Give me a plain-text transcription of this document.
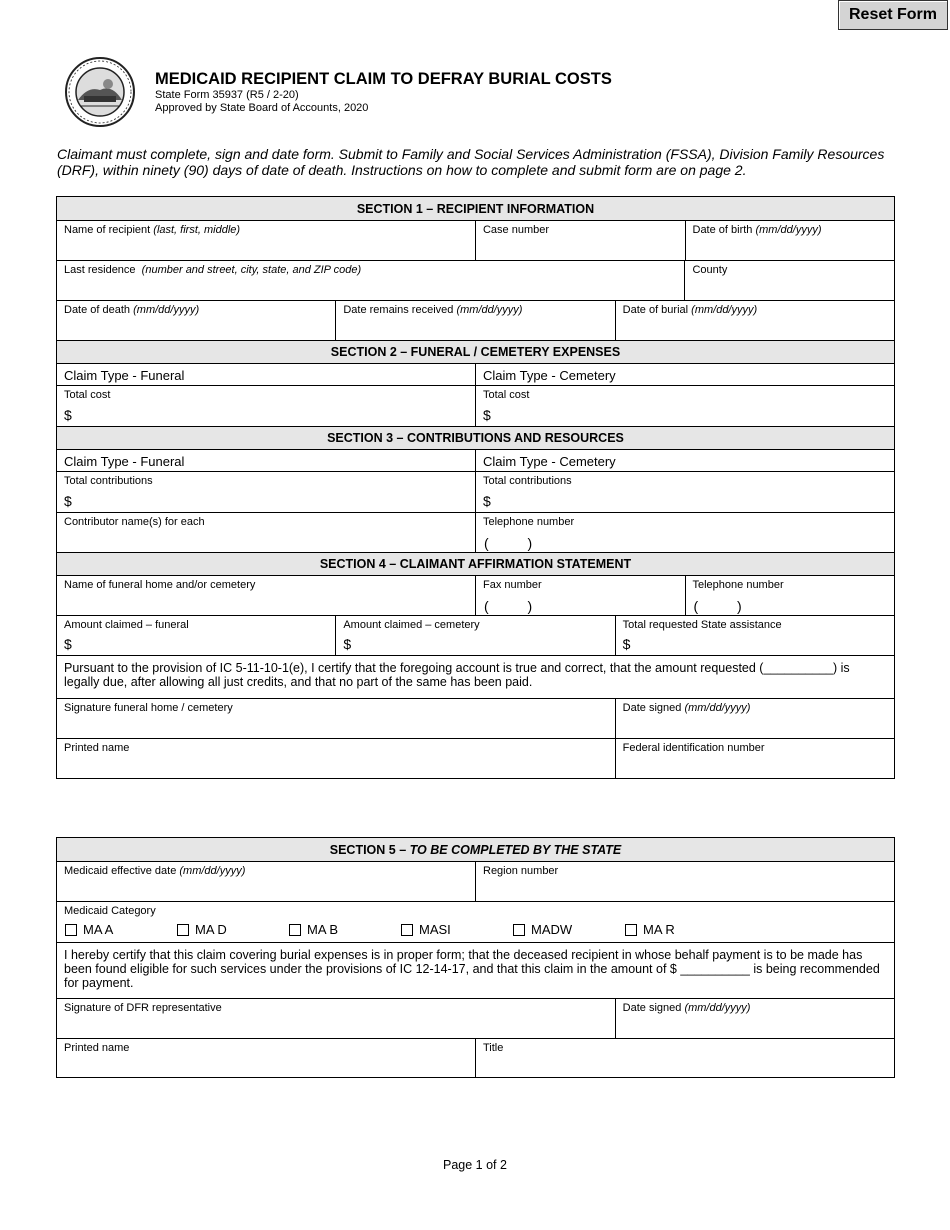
Reset Form
MEDICAID RECIPIENT CLAIM TO DEFRAY BURIAL COSTS
State Form 35937 (R5 / 2-20)
Approved by State Board of Accounts, 2020
Claimant must complete, sign and date form. Submit to Family and Social Services Administration (FSSA), Division Family Resources (DRF), within ninety (90) days of date of death. Instructions on how to complete and submit form are on page 2.
SECTION 1 – RECIPIENT INFORMATION
Name of recipient (last, first, middle)	Case number	Date of birth (mm/dd/yyyy)
Last residence (number and street, city, state, and ZIP code)	County
Date of death (mm/dd/yyyy)	Date remains received (mm/dd/yyyy)	Date of burial (mm/dd/yyyy)
SECTION 2 – FUNERAL / CEMETERY EXPENSES
Claim Type - Funeral	Claim Type - Cemetery
Total cost
$
Total cost
$
SECTION 3 – CONTRIBUTIONS AND RESOURCES
Claim Type - Funeral	Claim Type - Cemetery
Total contributions
$
Total contributions
$
Contributor name(s) for each	Telephone number
(          )
SECTION 4 – CLAIMANT AFFIRMATION STATEMENT
Name of funeral home and/or cemetery	Fax number
(          )
Telephone number
(          )
Amount claimed – funeral
$
Amount claimed – cemetery
$
Total requested State assistance
$
Pursuant to the provision of IC 5-11-10-1(e), I certify that the foregoing account is true and correct, that the amount requested (__________) is legally due, after allowing all just credits, and that no part of the same has been paid.
Signature funeral home / cemetery	Date signed (mm/dd/yyyy)
Printed name	Federal identification number
SECTION 5 – TO BE COMPLETED BY THE STATE
Medicaid effective date (mm/dd/yyyy)	Region number
Medicaid Category
MA A	MA D	MA B	MASI	MADW	MA R
I hereby certify that this claim covering burial expenses is in proper form; that the deceased recipient in whose behalf payment is to be made has been found eligible for such services under the provisions of IC 12-14-17, and that this claim in the amount of $ __________ is being recommended for payment.
Signature of DFR representative	Date signed (mm/dd/yyyy)
Printed name	Title
Page 1 of 2
